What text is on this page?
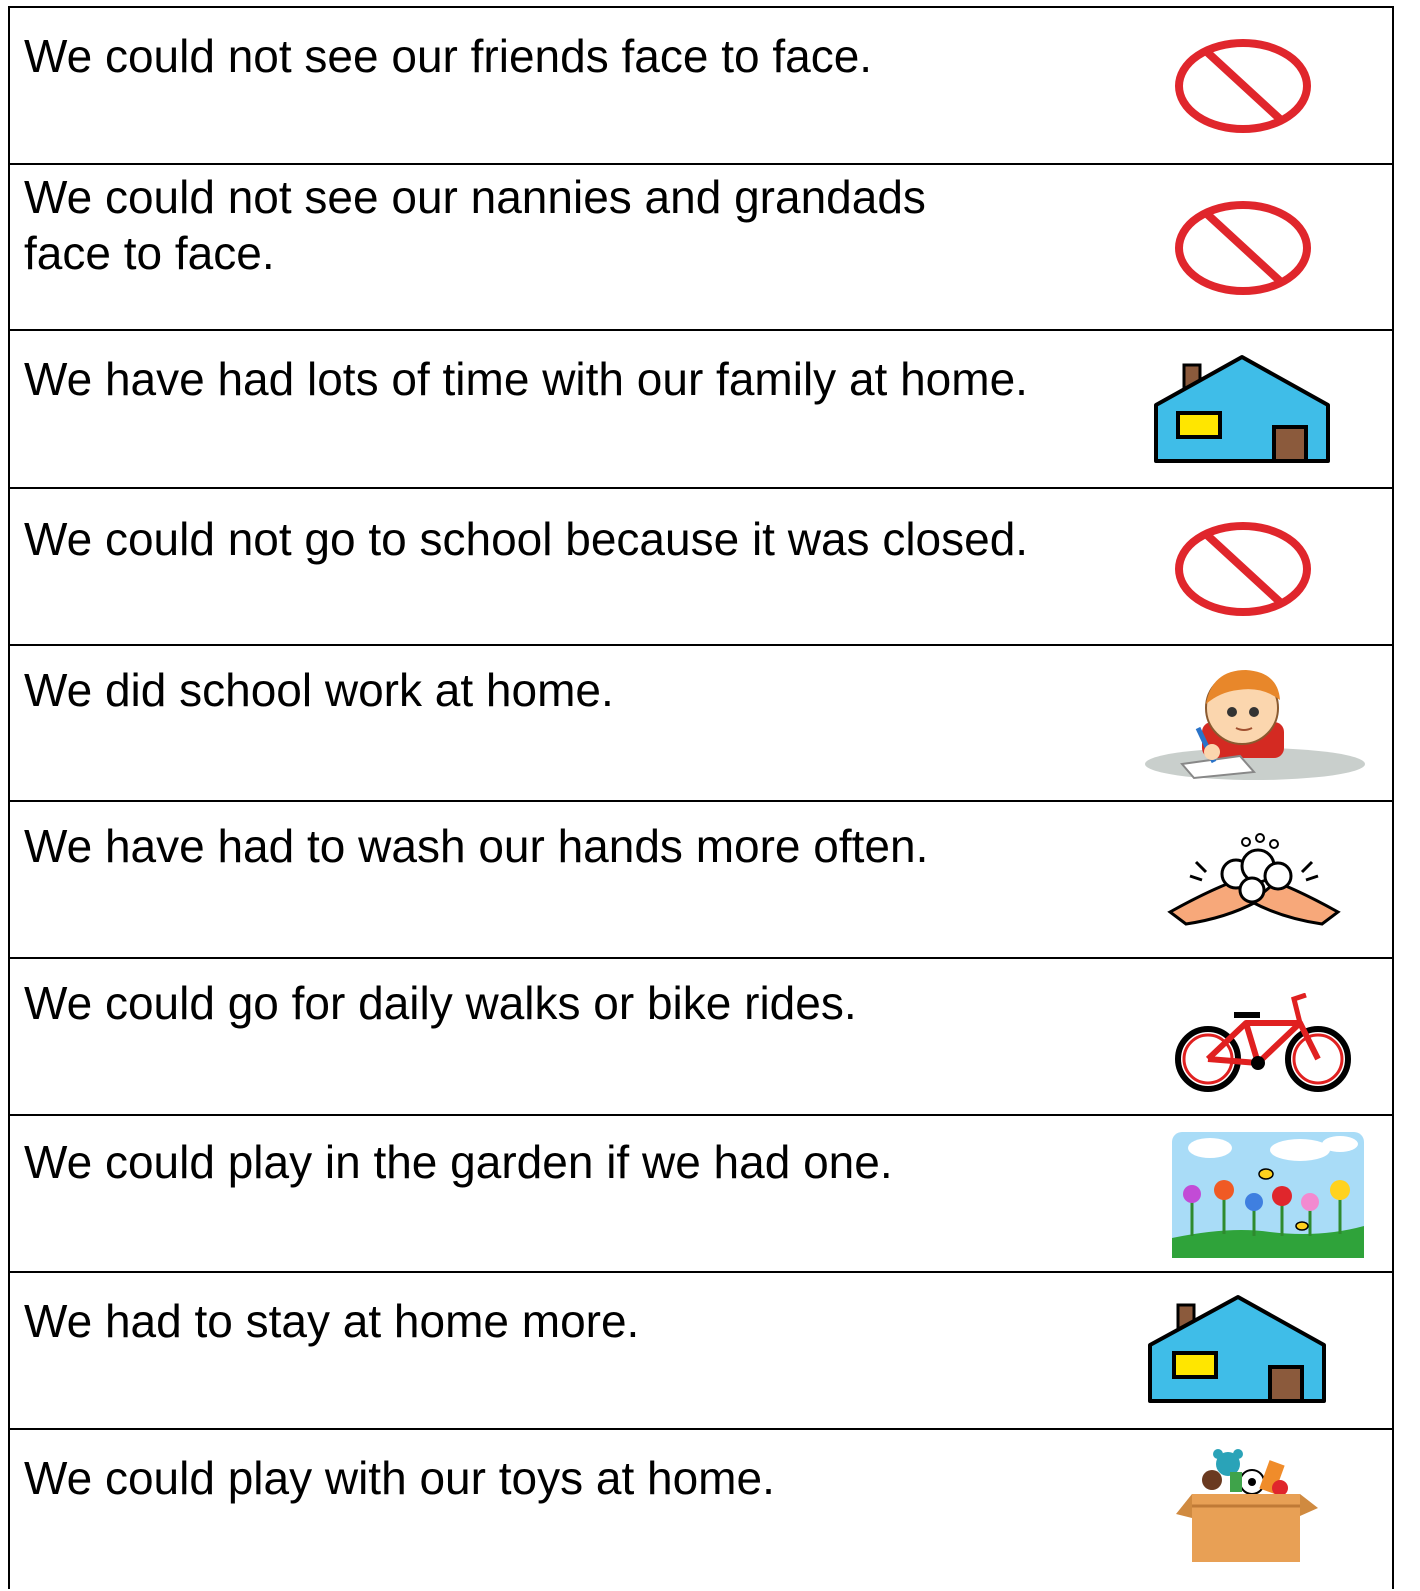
We could not see our friends face to face.
We could not see our nannies and grandads
face to face.
We have had lots of time with our family at home.
We could not go to school because it was closed.
We did school work at home.
We have had to wash our hands more often.
We could go for daily walks or bike rides.
We could play in the garden if we had one.
We had to stay at home more.
We could play with our toys at home.
